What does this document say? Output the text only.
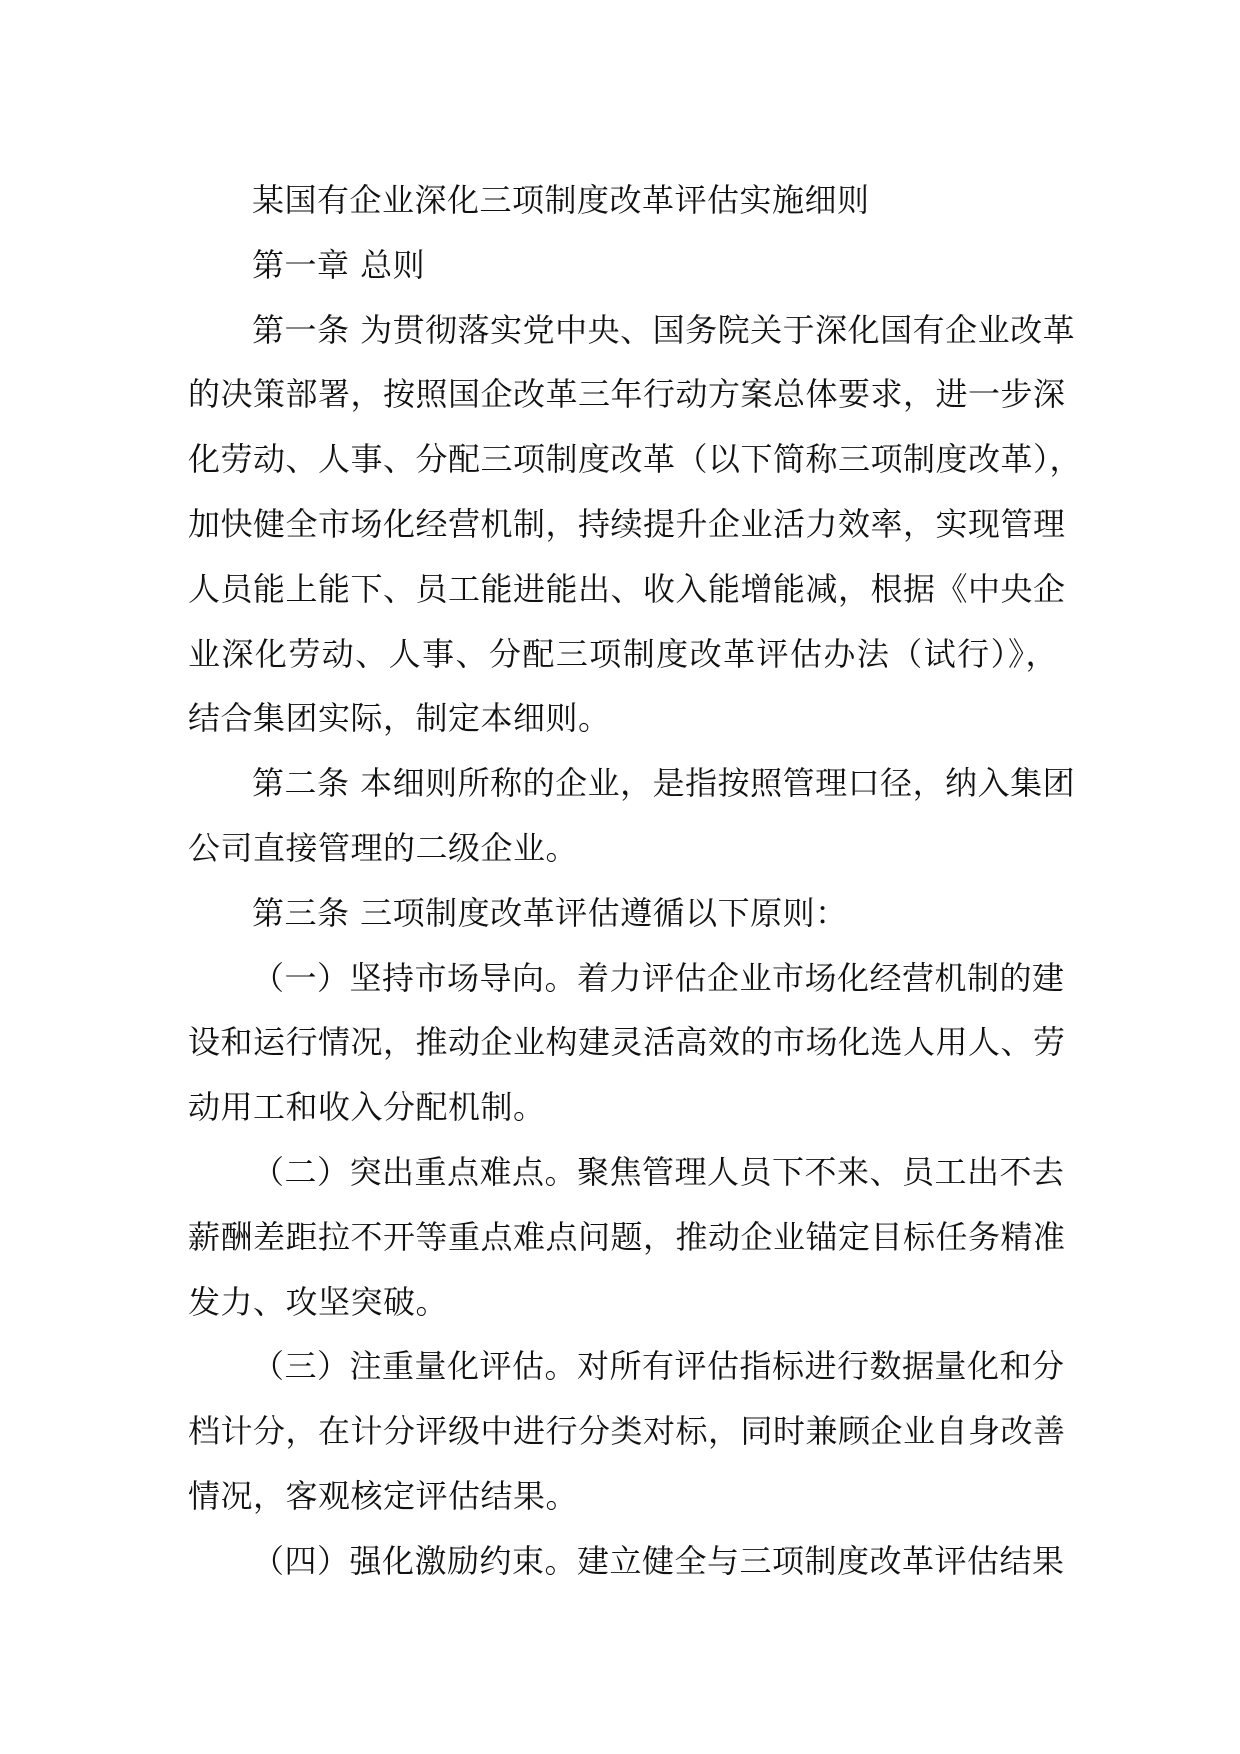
某国有企业深化三项制度改革评估实施细则
第一章 总则
第一条 为贯彻落实党中央、国务院关于深化国有企业改革
的决策部署，按照国企改革三年行动方案总体要求，进一步深
化劳动、人事、分配三项制度改革（以下简称三项制度改革），
加快健全市场化经营机制，持续提升企业活力效率，实现管理
人员能上能下、员工能进能出、收入能增能减，根据《中央企
业深化劳动、人事、分配三项制度改革评估办法（试行）》，
结合集团实际，制定本细则。
第二条 本细则所称的企业，是指按照管理口径，纳入集团
公司直接管理的二级企业。
第三条 三项制度改革评估遵循以下原则：
（一）坚持市场导向。着力评估企业市场化经营机制的建
设和运行情况，推动企业构建灵活高效的市场化选人用人、劳
动用工和收入分配机制。
（二）突出重点难点。聚焦管理人员下不来、员工出不去
薪酬差距拉不开等重点难点问题，推动企业锚定目标任务精准
发力、攻坚突破。
（三）注重量化评估。对所有评估指标进行数据量化和分
档计分，在计分评级中进行分类对标，同时兼顾企业自身改善
情况，客观核定评估结果。
（四）强化激励约束。建立健全与三项制度改革评估结果
